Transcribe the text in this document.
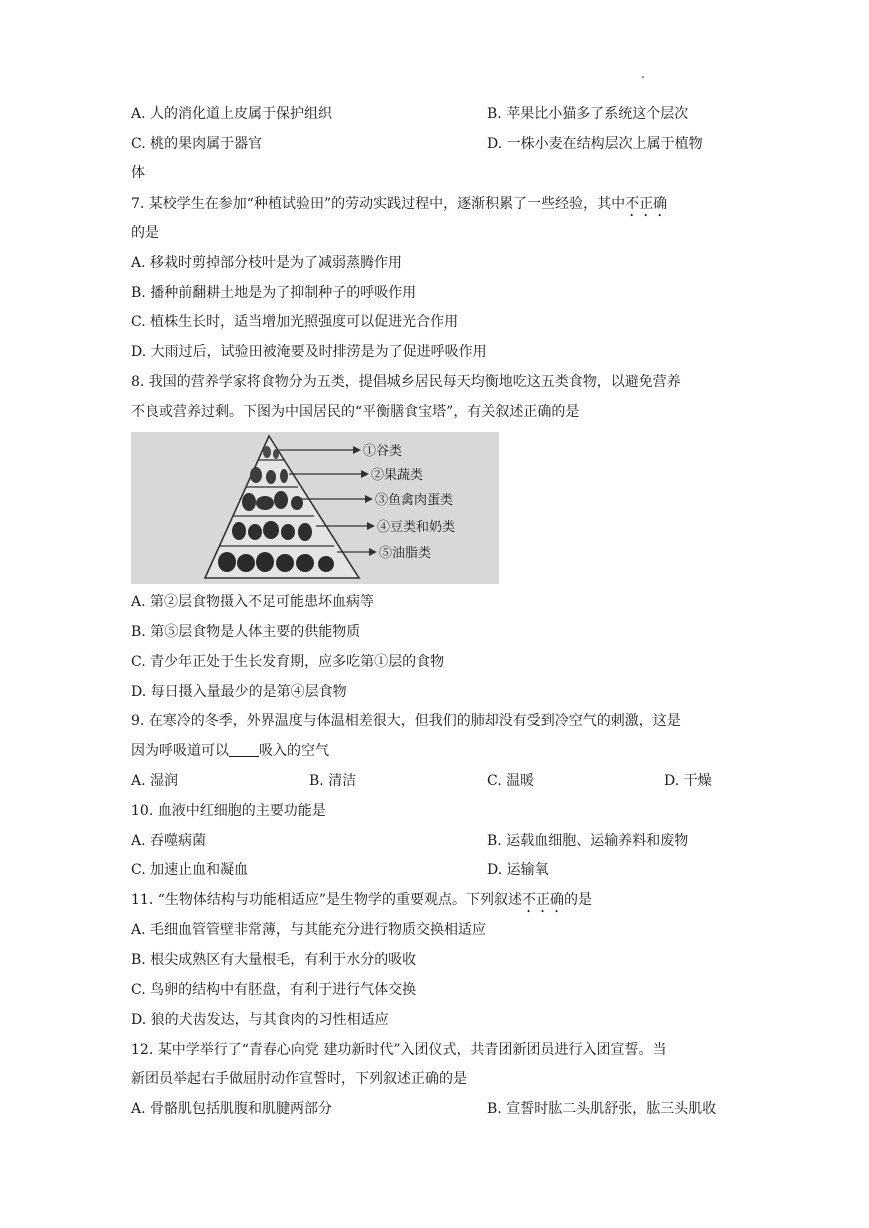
A. 人的消化道上皮属于保护组织	B. 苹果比小猫多了系统这个层次
C. 桃的果肉属于器官	D. 一株小麦在结构层次上属于植物
体
7. 某校学生在参加“种植试验田”的劳动实践过程中，逐渐积累了一些经验，其中不正确
的是
A. 移栽时剪掉部分枝叶是为了减弱蒸腾作用
B. 播种前翻耕土地是为了抑制种子的呼吸作用
C. 植株生长时，适当增加光照强度可以促进光合作用
D. 大雨过后，试验田被淹要及时排涝是为了促进呼吸作用
8. 我国的营养学家将食物分为五类，提倡城乡居民每天均衡地吃这五类食物，以避免营养
不良或营养过剩。下图为中国居民的“平衡膳食宝塔”，有关叙述正确的是
①谷类
②果蔬类
③鱼禽肉蛋类
④豆类和奶类
⑤油脂类
A. 第②层食物摄入不足可能患坏血病等
B. 第⑤层食物是人体主要的供能物质
C. 青少年正处于生长发育期，应多吃第①层的食物
D. 每日摄入量最少的是第④层食物
9. 在寒冷的冬季，外界温度与体温相差很大，但我们的肺却没有受到冷空气的刺激，这是
因为呼吸道可以 吸入的空气
A. 湿润	B. 清洁	C. 温暖	D. 干燥
10. 血液中红细胞的主要功能是
A. 吞噬病菌	B. 运载血细胞、运输养料和废物
C. 加速止血和凝血	D. 运输氧
11. “生物体结构与功能相适应”是生物学的重要观点。下列叙述不正确的是
A. 毛细血管管壁非常薄，与其能充分进行物质交换相适应
B. 根尖成熟区有大量根毛，有利于水分的吸收
C. 鸟卵的结构中有胚盘，有利于进行气体交换
D. 狼的犬齿发达，与其食肉的习性相适应
12. 某中学举行了“青春心向党 建功新时代”入团仪式，共青团新团员进行入团宣誓。当
新团员举起右手做屈肘动作宣誓时，下列叙述正确的是
A. 骨骼肌包括肌腹和肌腱两部分	B. 宣誓时肱二头肌舒张，肱三头肌收
